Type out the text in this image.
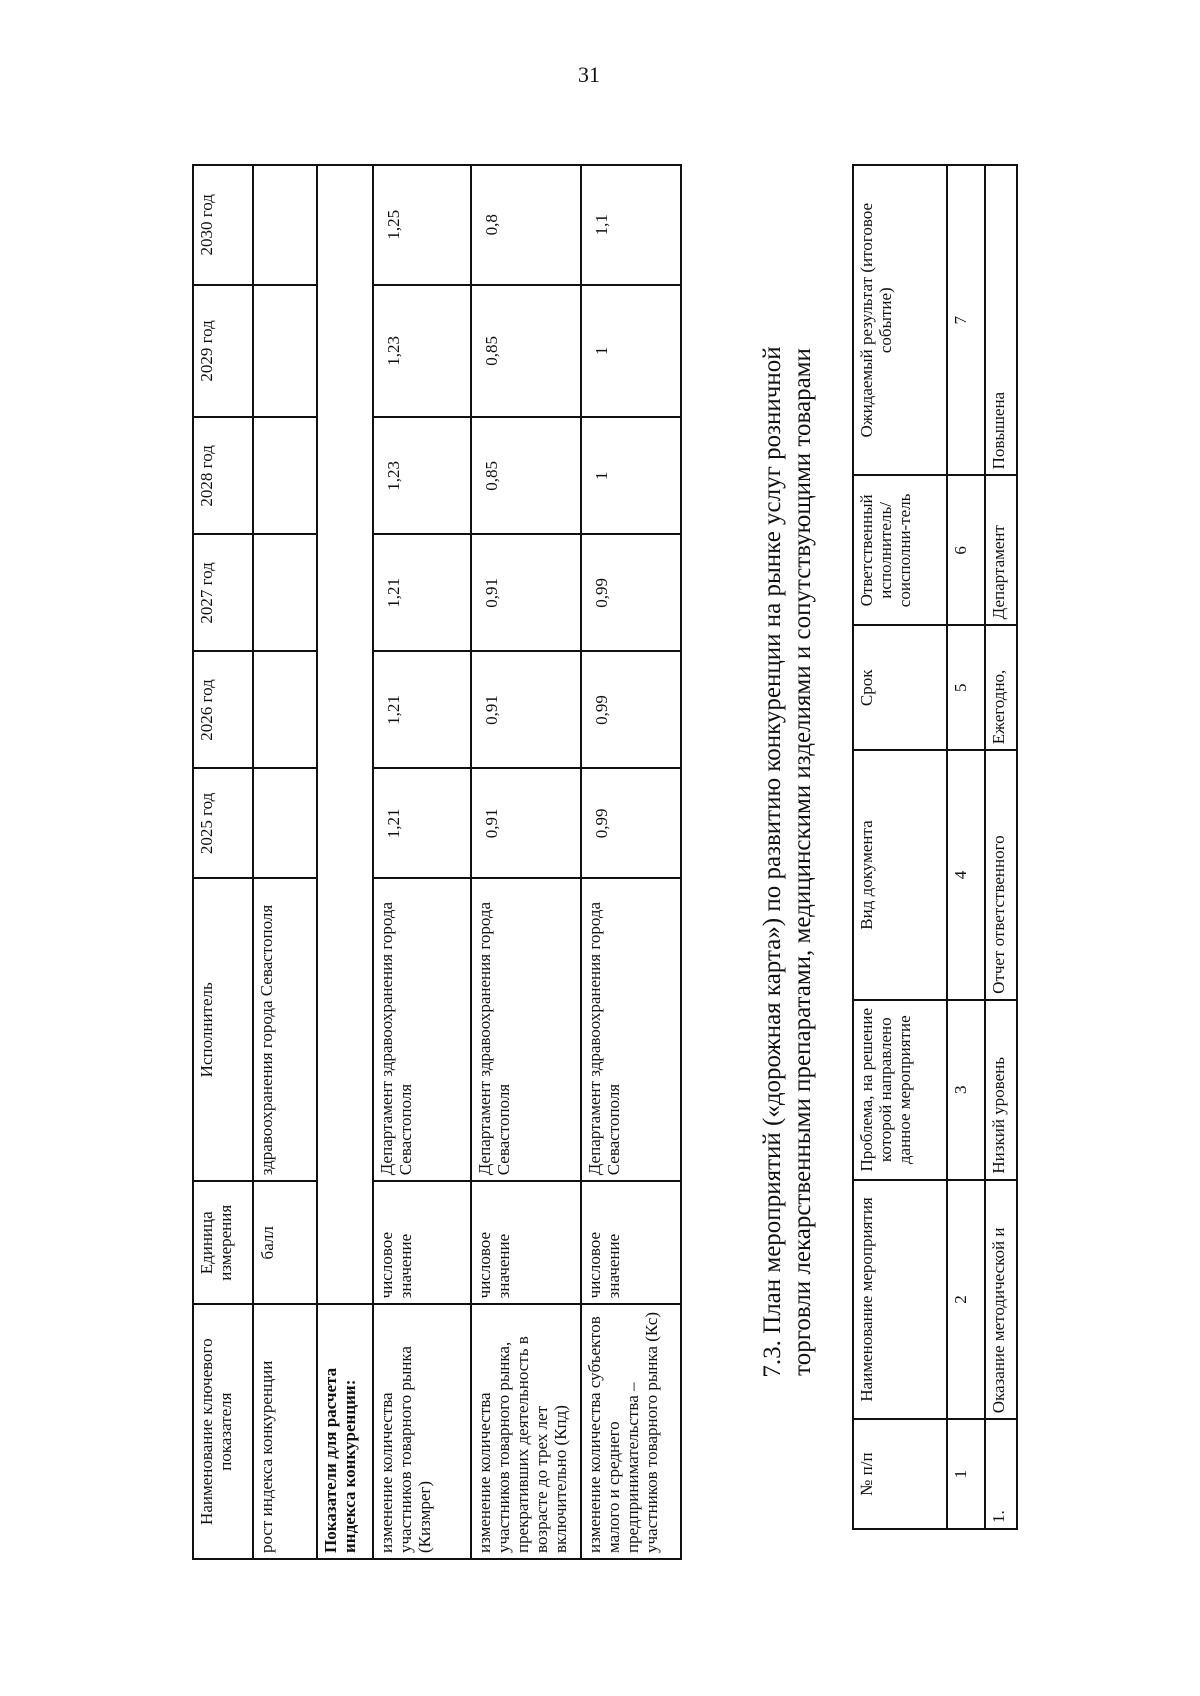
31
Наименование ключевого показателя	Единица измерения	Исполнитель	2025 год	2026 год	2027 год	2028 год	2029 год	2030 год
рост индекса конкуренции	балл	здравоохранения города Севастополя						
Показатели для расчета индекса конкуренции:								
изменение количества участников товарного рынка (Кизмрег)	числовое значение	Департамент здравоохранения города Севастополя	1,21	1,21	1,21	1,23	1,23	1,25
изменение количества участников товарного рынка, прекративших деятельность в возрасте до трех лет включительно (Кпд)	числовое значение	Департамент здравоохранения города Севастополя	0,91	0,91	0,91	0,85	0,85	0,8
изменение количества субъектов малого и среднего предпринимательства – участников товарного рынка (Кс)	числовое значение	Департамент здравоохранения города Севастополя	0,99	0,99	0,99	1	1	1,1
7.3. План мероприятий («дорожная карта») по развитию конкуренции на рынке услуг розничной торговли лекарственными препаратами, медицинскими изделиями и сопутствующими товарами
№ п/п	Наименование мероприятия	Проблема, на решение которой направлено данное мероприятие	Вид документа	Срок	Ответственный исполнитель/ соисполни-тель	Ожидаемый результат (итоговое событие)
1	2	3	4	5	6	7
1.	Оказание методической и	Низкий уровень	Отчет ответственного	Ежегодно,	Департамент	Повышена
